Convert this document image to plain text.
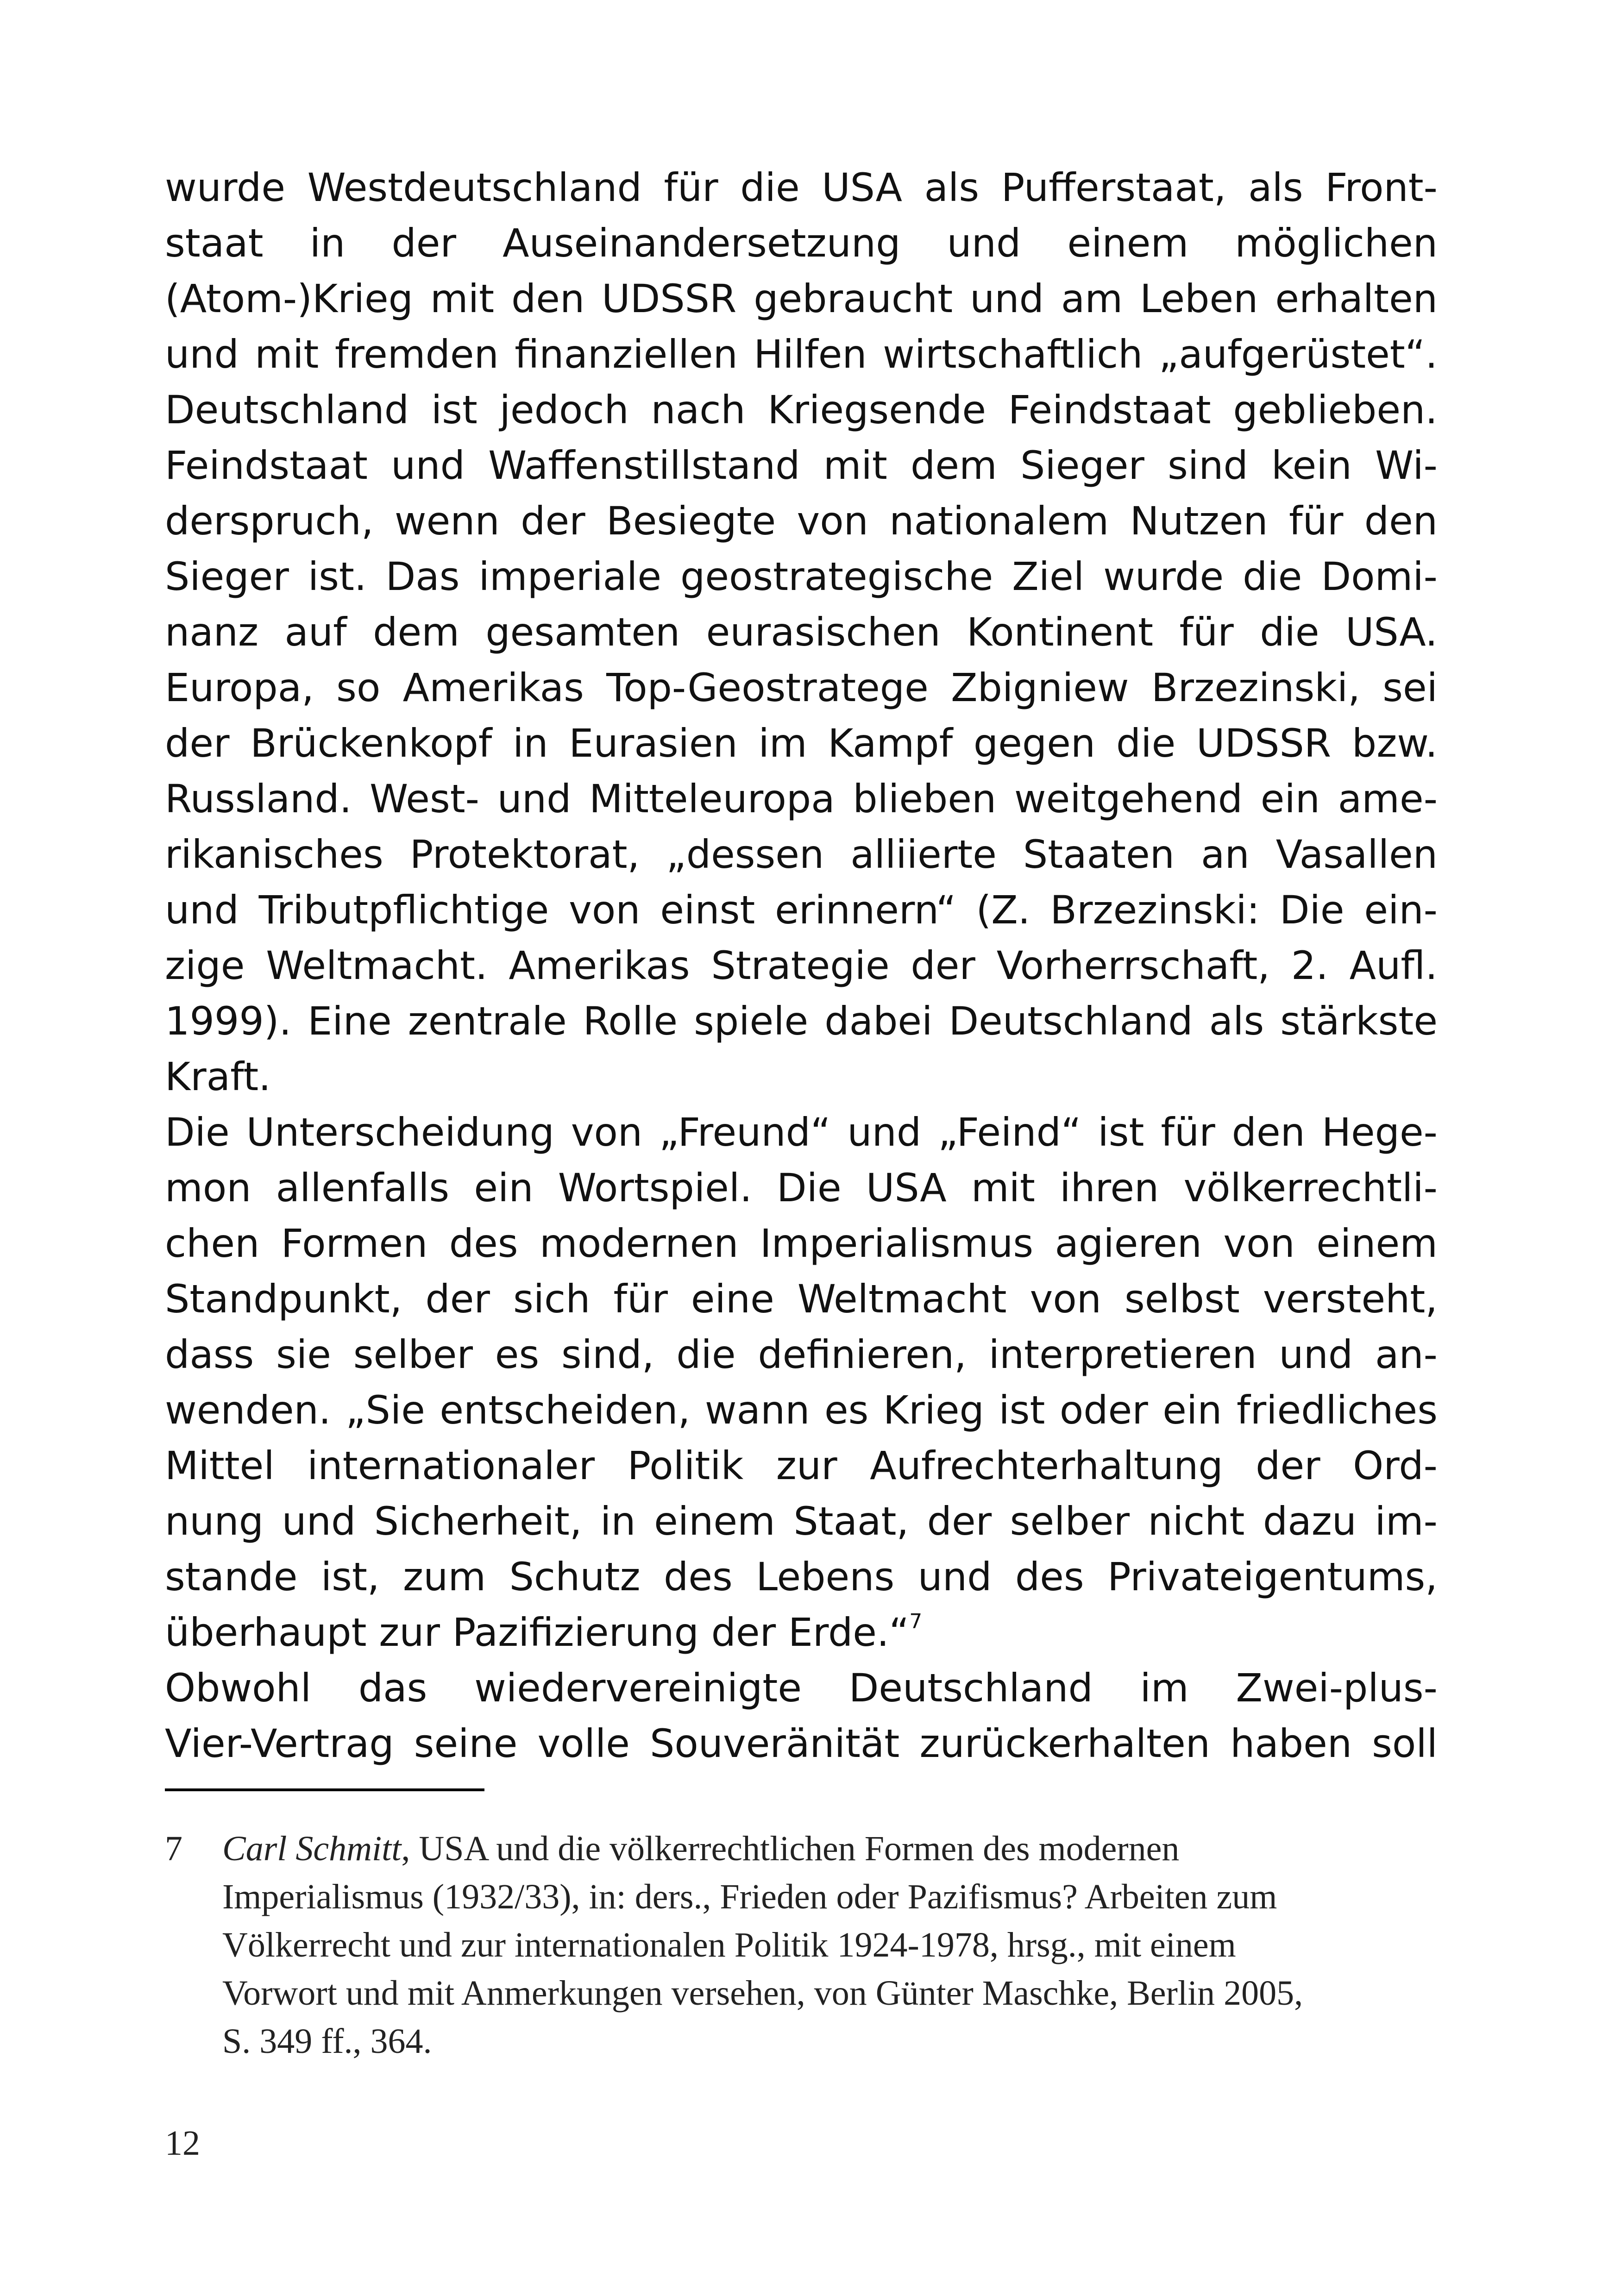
wurde Westdeutschland für die USA als Pufferstaat, als Front-
staat in der Auseinandersetzung und einem möglichen
(Atom-)Krieg mit den UDSSR gebraucht und am Leben erhalten
und mit fremden finanziellen Hilfen wirtschaftlich „aufgerüstet“.
Deutschland ist jedoch nach Kriegsende Feindstaat geblieben.
Feindstaat und Waffenstillstand mit dem Sieger sind kein Wi-
derspruch, wenn der Besiegte von nationalem Nutzen für den
Sieger ist. Das imperiale geostrategische Ziel wurde die Domi-
nanz auf dem gesamten eurasischen Kontinent für die USA.
Europa, so Amerikas Top-Geostratege Zbigniew Brzezinski, sei
der Brückenkopf in Eurasien im Kampf gegen die UDSSR bzw.
Russland. West- und Mitteleuropa blieben weitgehend ein ame-
rikanisches Protektorat, „dessen alliierte Staaten an Vasallen
und Tributpflichtige von einst erinnern“ (Z. Brzezinski: Die ein-
zige Weltmacht. Amerikas Strategie der Vorherrschaft, 2. Aufl.
1999). Eine zentrale Rolle spiele dabei Deutschland als stärkste
Kraft.
Die Unterscheidung von „Freund“ und „Feind“ ist für den Hege-
mon allenfalls ein Wortspiel. Die USA mit ihren völkerrechtli-
chen Formen des modernen Imperialismus agieren von einem
Standpunkt, der sich für eine Weltmacht von selbst versteht,
dass sie selber es sind, die definieren, interpretieren und an-
wenden. „Sie entscheiden, wann es Krieg ist oder ein friedliches
Mittel internationaler Politik zur Aufrechterhaltung der Ord-
nung und Sicherheit, in einem Staat, der selber nicht dazu im-
stande ist, zum Schutz des Lebens und des Privateigentums,
überhaupt zur Pazifizierung der Erde.“$^7$
Obwohl das wiedervereinigte Deutschland im Zwei-plus-
Vier-Vertrag seine volle Souveränität zurückerhalten haben soll
7 Carl Schmitt, USA und die völkerrechtlichen Formen des modernen
Imperialismus (1932/33), in: ders., Frieden oder Pazifismus? Arbeiten zum
Völkerrecht und zur internationalen Politik 1924-1978, hrsg., mit einem
Vorwort und mit Anmerkungen versehen, von Günter Maschke, Berlin 2005,
S. 349 ff., 364.
12
